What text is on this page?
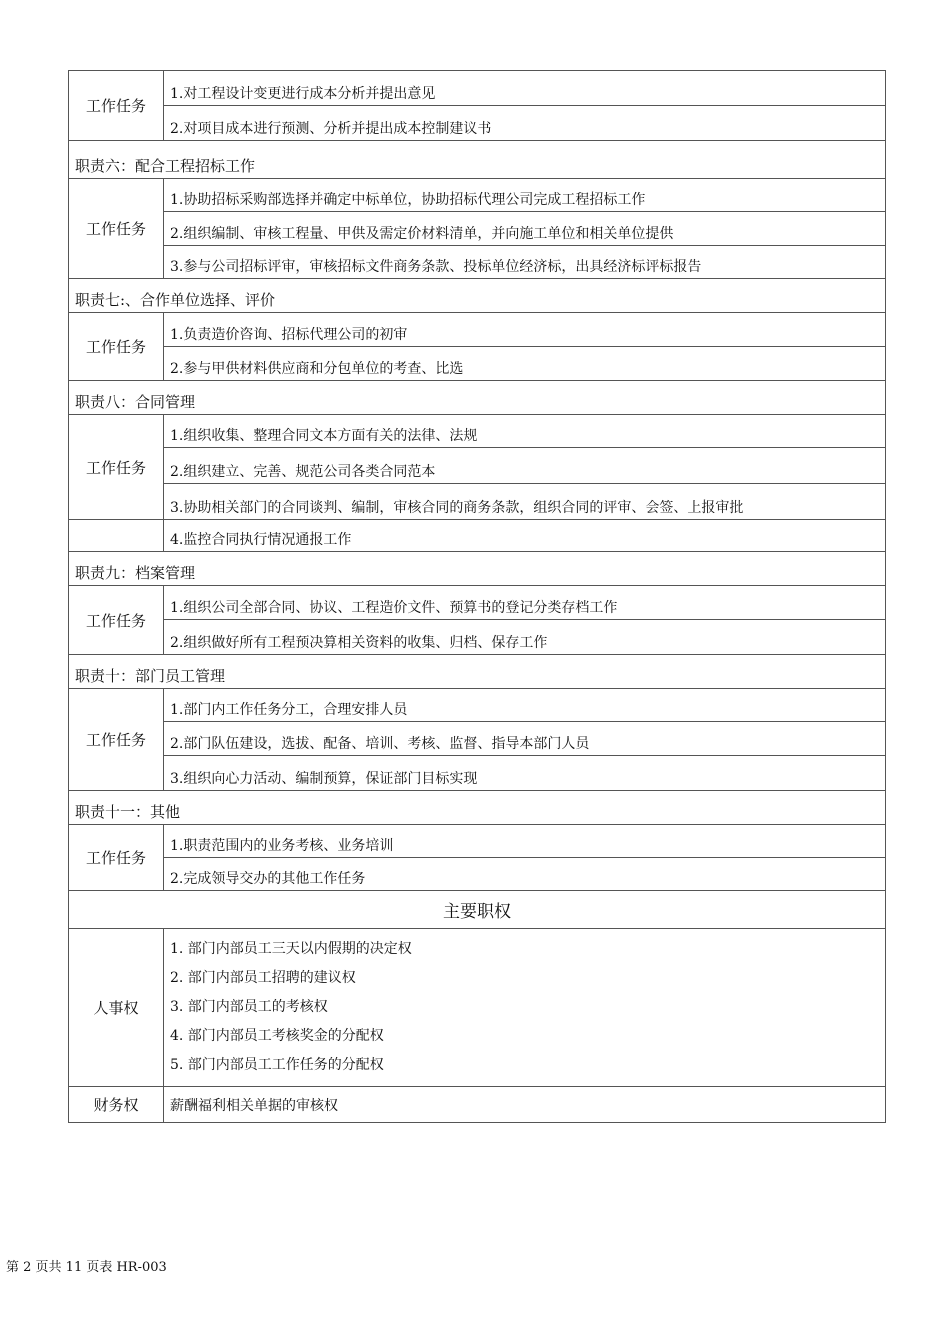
工作任务
1.对工程设计变更进行成本分析并提出意见
2.对项目成本进行预测、分析并提出成本控制建议书
职责六：配合工程招标工作
工作任务
1.协助招标采购部选择并确定中标单位，协助招标代理公司完成工程招标工作
2.组织编制、审核工程量、甲供及需定价材料清单，并向施工单位和相关单位提供
3.参与公司招标评审，审核招标文件商务条款、投标单位经济标，出具经济标评标报告
职责七:、合作单位选择、评价
工作任务
1.负责造价咨询、招标代理公司的初审
2.参与甲供材料供应商和分包单位的考查、比选
职责八：合同管理
工作任务
1.组织收集、整理合同文本方面有关的法律、法规
2.组织建立、完善、规范公司各类合同范本
3.协助相关部门的合同谈判、编制，审核合同的商务条款，组织合同的评审、会签、上报审批
4.监控合同执行情况通报工作
职责九：档案管理
工作任务
1.组织公司全部合同、协议、工程造价文件、预算书的登记分类存档工作
2.组织做好所有工程预决算相关资料的收集、归档、保存工作
职责十：部门员工管理
工作任务
1.部门内工作任务分工，合理安排人员
2.部门队伍建设，选拔、配备、培训、考核、监督、指导本部门人员
3.组织向心力活动、编制预算，保证部门目标实现
职责十一：其他
工作任务
1.职责范围内的业务考核、业务培训
2.完成领导交办的其他工作任务
主要职权
人事权
1. 部门内部员工三天以内假期的决定权
2. 部门内部员工招聘的建议权
3. 部门内部员工的考核权
4. 部门内部员工考核奖金的分配权
5. 部门内部员工工作任务的分配权
财务权	薪酬福利相关单据的审核权
第 2 页共 11 页表 HR-003
